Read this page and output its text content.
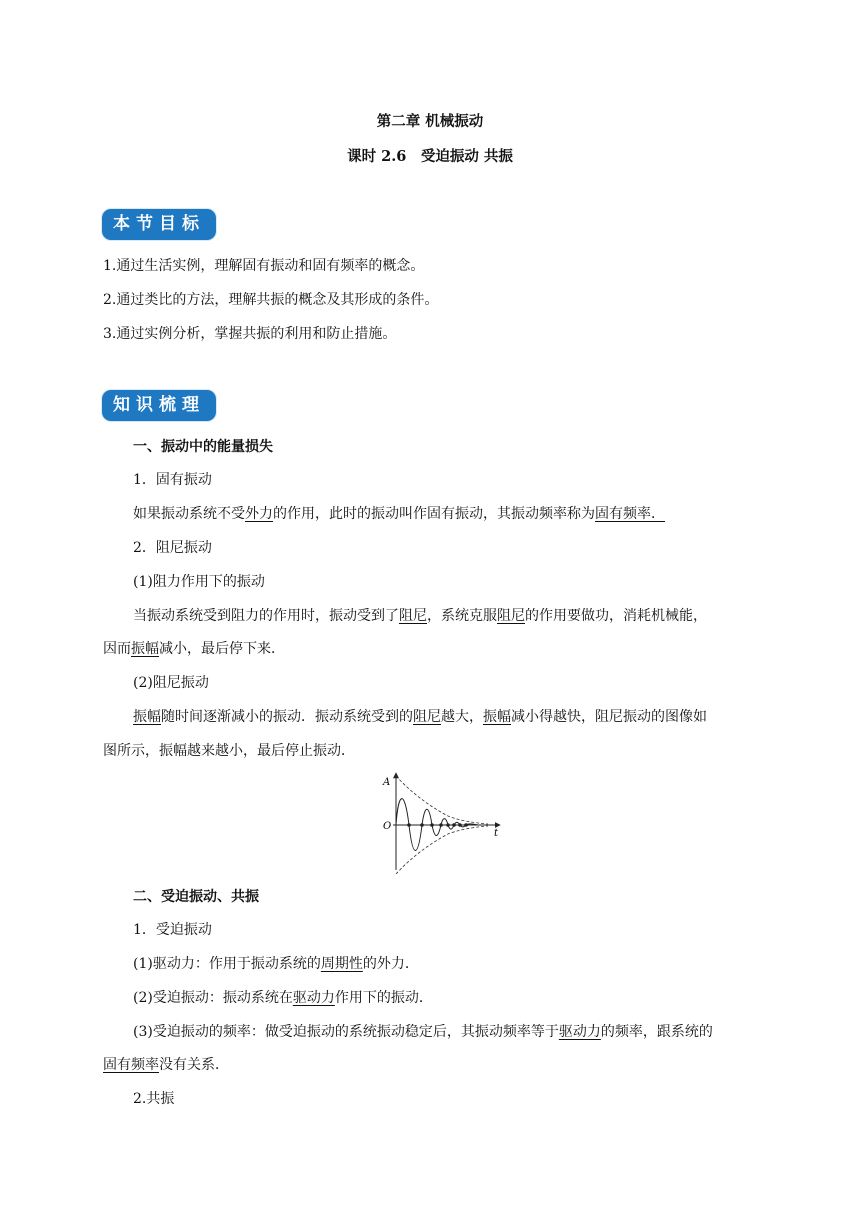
第二章 机械振动
课时 2.6　受迫振动 共振
本节目标
1.通过生活实例，理解固有振动和固有频率的概念。
2.通过类比的方法，理解共振的概念及其形成的条件。
3.通过实例分析，掌握共振的利用和防止措施。
知识梳理
一、振动中的能量损失
1．固有振动
如果振动系统不受外力的作用，此时的振动叫作固有振动，其振动频率称为固有频率．
2．阻尼振动
(1)阻力作用下的振动
当振动系统受到阻力的作用时，振动受到了阻尼，系统克服阻尼的作用要做功，消耗机械能，
因而振幅减小，最后停下来．
(2)阻尼振动
振幅随时间逐渐减小的振动．振动系统受到的阻尼越大，振幅减小得越快，阻尼振动的图像如
图所示，振幅越来越小，最后停止振动．
A
O
t
二、受迫振动、共振
1．受迫振动
(1)驱动力：作用于振动系统的周期性的外力．
(2)受迫振动：振动系统在驱动力作用下的振动．
(3)受迫振动的频率：做受迫振动的系统振动稳定后，其振动频率等于驱动力的频率，跟系统的
固有频率没有关系．
2.共振
